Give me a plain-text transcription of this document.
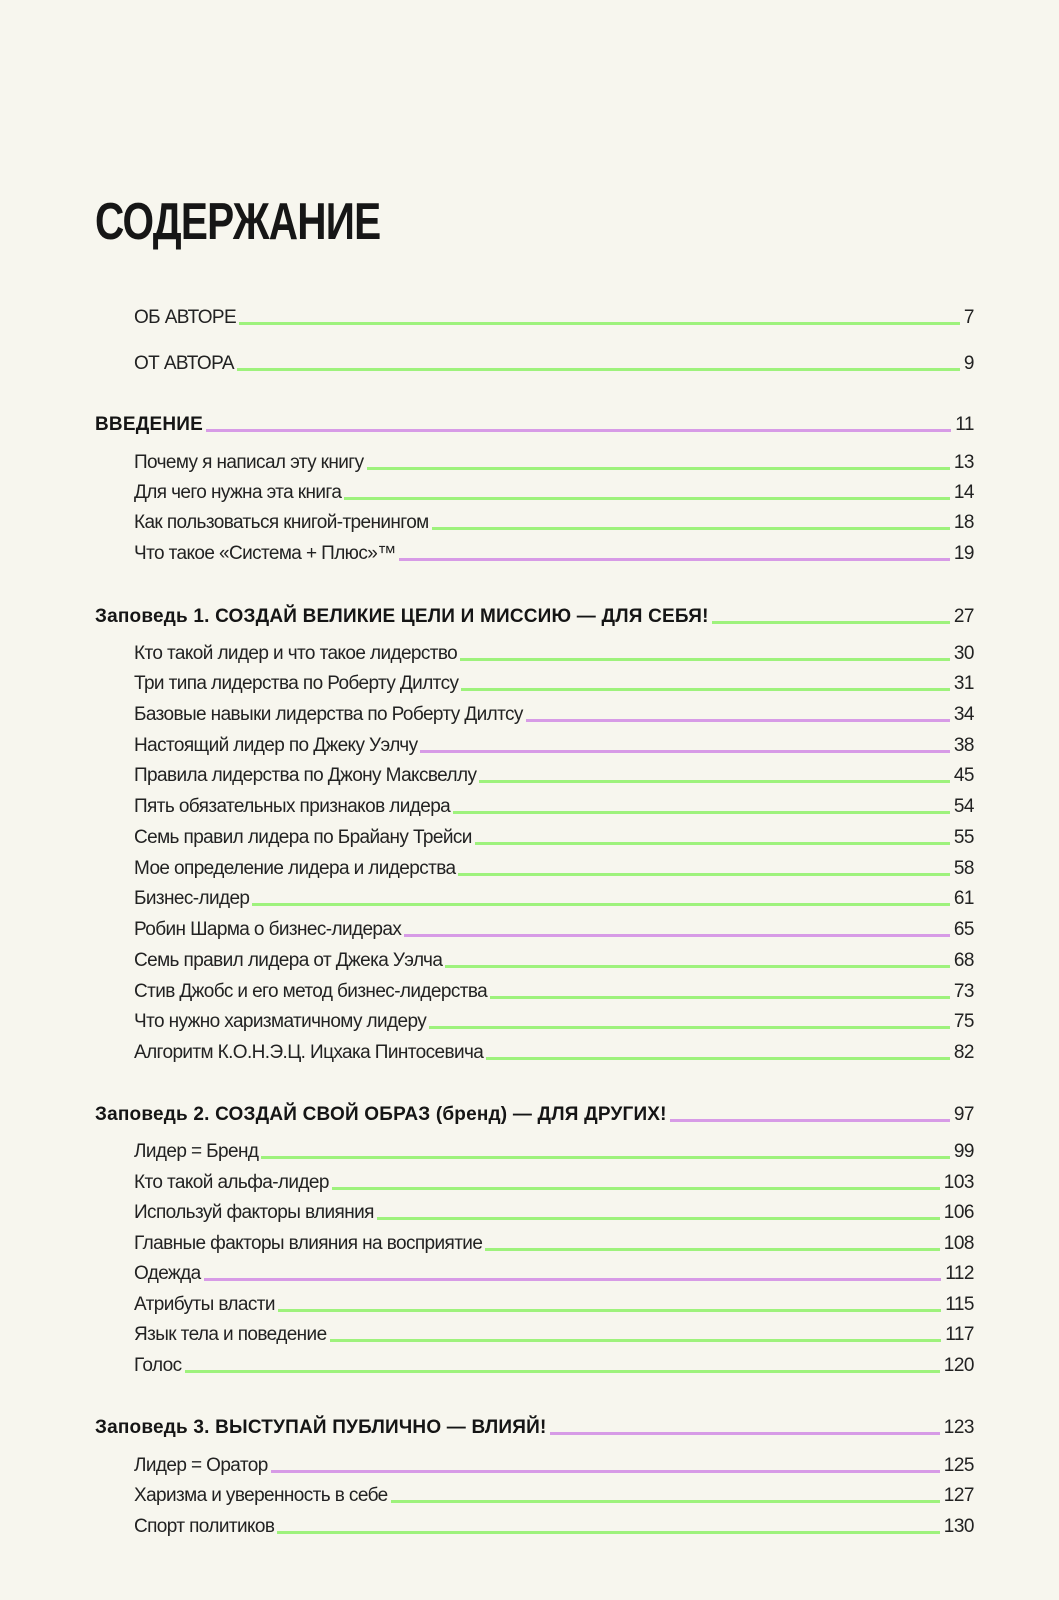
СОДЕРЖАНИЕ
ОБ АВТОРЕ	7
ОТ АВТОРА	9
ВВЕДЕНИЕ	11
Почему я написал эту книгу	13
Для чего нужна эта книга	14
Как пользоваться книгой-тренингом	18
Что такое «Система + Плюс»™	19
Заповедь 1. СОЗДАЙ ВЕЛИКИЕ ЦЕЛИ И МИССИЮ — ДЛЯ СЕБЯ!	27
Кто такой лидер и что такое лидерство	30
Три типа лидерства по Роберту Дилтсу	31
Базовые навыки лидерства по Роберту Дилтсу	34
Настоящий лидер по Джеку Уэлчу	38
Правила лидерства по Джону Максвеллу	45
Пять обязательных признаков лидера	54
Семь правил лидера по Брайану Трейси	55
Мое определение лидера и лидерства	58
Бизнес-лидер	61
Робин Шарма о бизнес-лидерах	65
Семь правил лидера от Джека Уэлча	68
Стив Джобс и его метод бизнес-лидерства	73
Что нужно харизматичному лидеру	75
Алгоритм К.О.Н.Э.Ц. Ицхака Пинтосевича	82
Заповедь 2. СОЗДАЙ СВОЙ ОБРАЗ (бренд) — ДЛЯ ДРУГИХ!	97
Лидер = Бренд	99
Кто такой альфа-лидер	103
Используй факторы влияния	106
Главные факторы влияния на восприятие	108
Одежда	112
Атрибуты власти	115
Язык тела и поведение	117
Голос	120
Заповедь 3. ВЫСТУПАЙ ПУБЛИЧНО — ВЛИЯЙ!	123
Лидер = Оратор	125
Харизма и уверенность в себе	127
Спорт политиков	130
